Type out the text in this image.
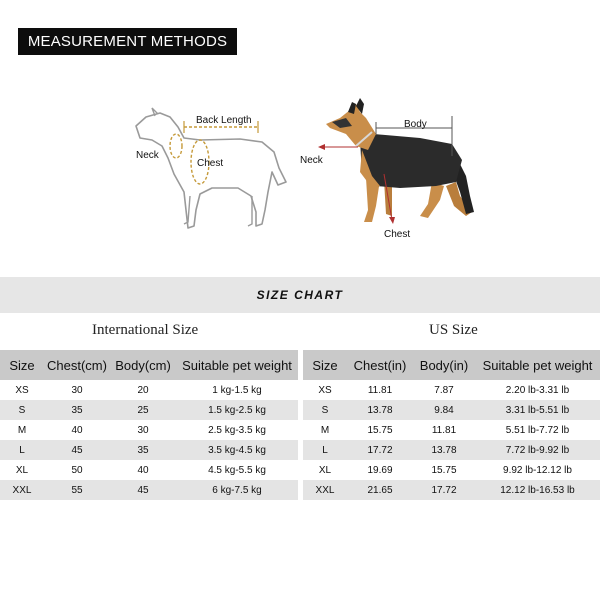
MEASUREMENT METHODS
Back Length
Neck
Chest
Body
Neck
Chest
SIZE CHART
International Size	US Size
Size	Chest(cm)	Body(cm)	Suitable pet weight
XS	30	20	1 kg-1.5 kg
S	35	25	1.5 kg-2.5 kg
M	40	30	2.5 kg-3.5 kg
L	45	35	3.5 kg-4.5 kg
XL	50	40	4.5 kg-5.5 kg
XXL	55	45	6 kg-7.5 kg
Size	Chest(in)	Body(in)	Suitable pet weight
XS	11.81	7.87	2.20 lb-3.31 lb
S	13.78	9.84	3.31 lb-5.51 lb
M	15.75	11.81	5.51 lb-7.72 lb
L	17.72	13.78	7.72 lb-9.92 lb
XL	19.69	15.75	9.92 lb-12.12 lb
XXL	21.65	17.72	12.12 lb-16.53 lb
